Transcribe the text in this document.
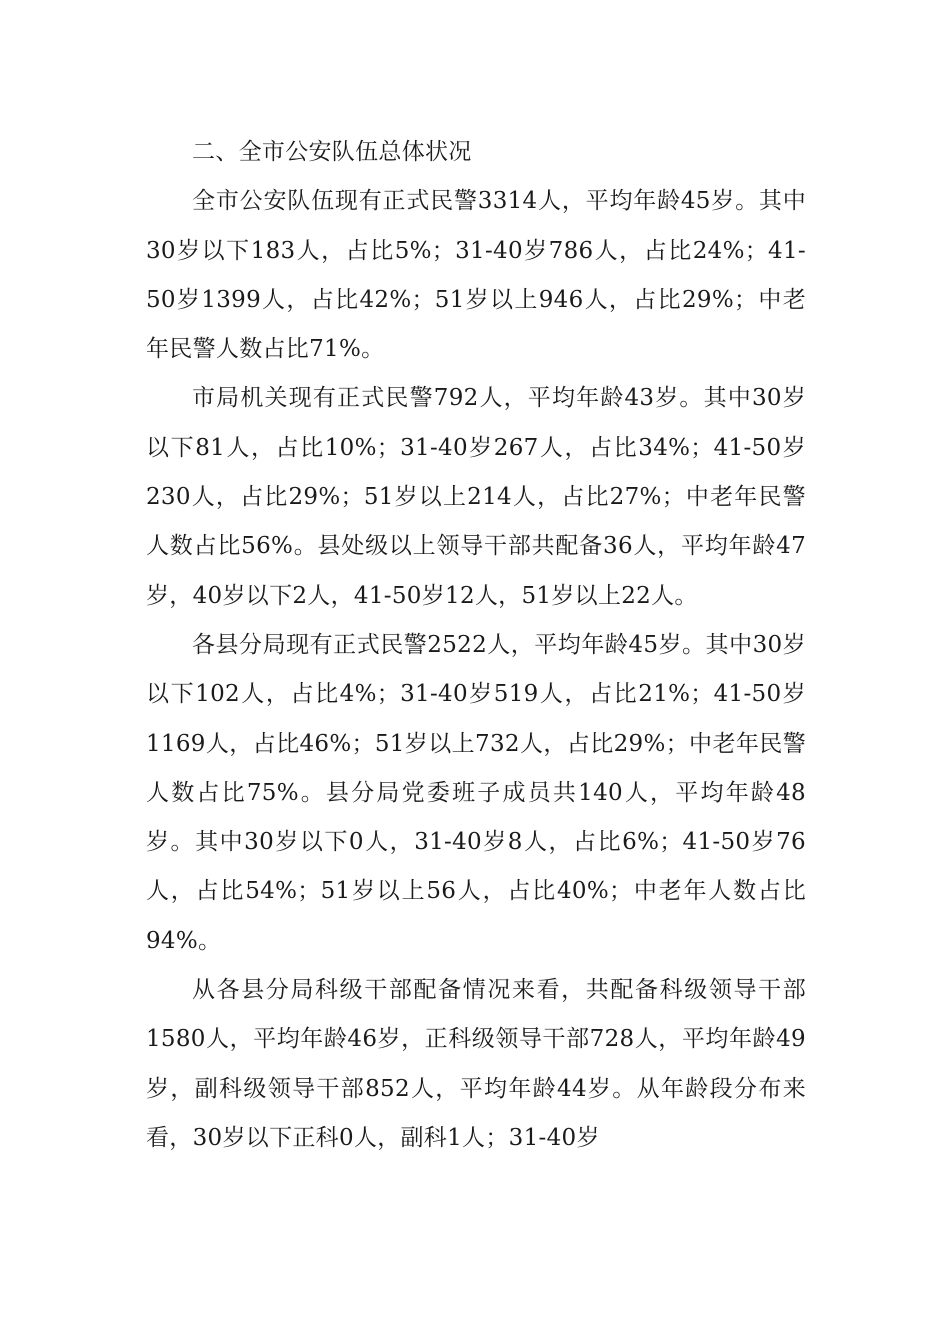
二、全市公安队伍总体状况

全市公安队伍现有正式民警3314人，平均年龄45岁。其中30岁以下183人，占比5%；31-40岁786人，占比24%；41-50岁1399人，占比42%；51岁以上946人，占比29%；中老年民警人数占比71%。

市局机关现有正式民警792人，平均年龄43岁。其中30岁以下81人，占比10%；31-40岁267人，占比34%；41-50岁230人，占比29%；51岁以上214人，占比27%；中老年民警人数占比56%。县处级以上领导干部共配备36人，平均年龄47岁，40岁以下2人，41-50岁12人，51岁以上22人。

各县分局现有正式民警2522人，平均年龄45岁。其中30岁以下102人，占比4%；31-40岁519人，占比21%；41-50岁1169人，占比46%；51岁以上732人，占比29%；中老年民警人数占比75%。县分局党委班子成员共140人，平均年龄48岁。其中30岁以下0人，31-40岁8人，占比6%；41-50岁76人，占比54%；51岁以上56人，占比40%；中老年人数占比94%。

从各县分局科级干部配备情况来看，共配备科级领导干部1580人，平均年龄46岁，正科级领导干部728人，平均年龄49岁，副科级领导干部852人，平均年龄44岁。从年龄段分布来看，30岁以下正科0人，副科1人；31-40岁
